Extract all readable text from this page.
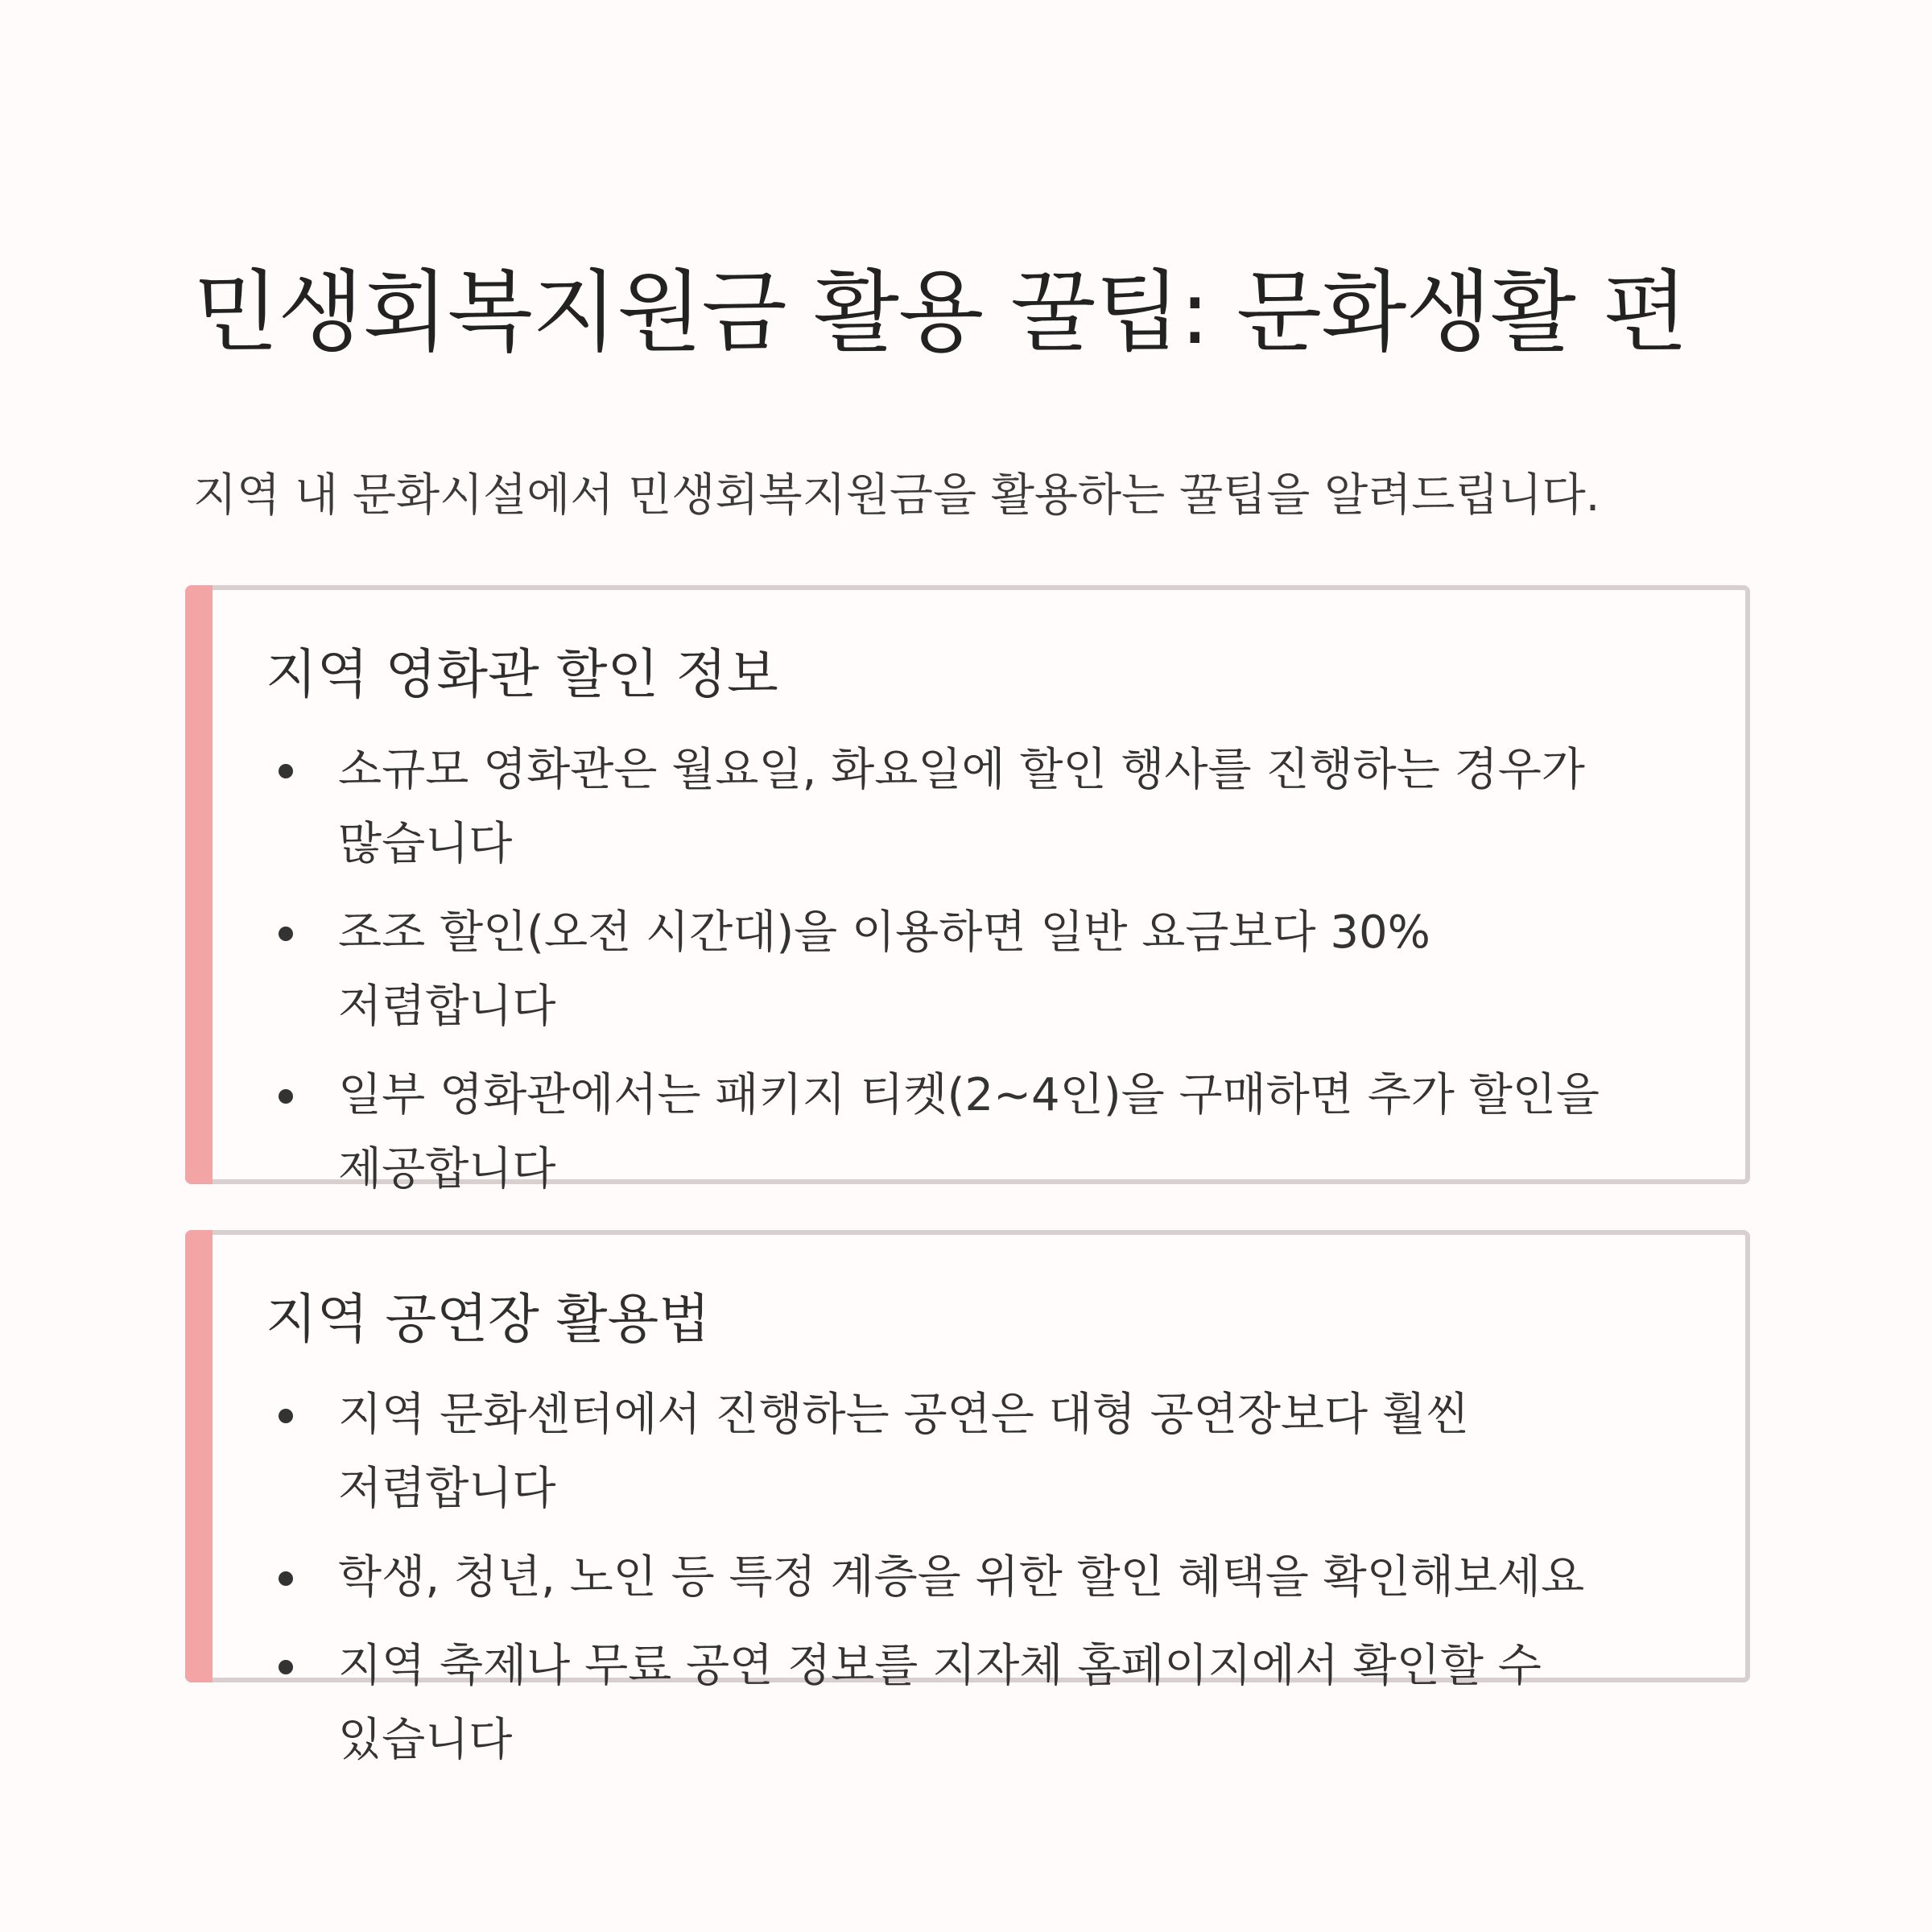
민생회복지원금 활용 꿀팁: 문화생활 편

지역 내 문화시설에서 민생회복지원금을 활용하는 꿀팁을 알려드립니다.

지역 영화관 할인 정보
소규모 영화관은 월요일, 화요일에 할인 행사를 진행하는 경우가 많습니다
조조 할인(오전 시간대)을 이용하면 일반 요금보다 30% 저렴합니다
일부 영화관에서는 패키지 티켓(2~4인)을 구매하면 추가 할인을 제공합니다
지역 공연장 활용법
지역 문화센터에서 진행하는 공연은 대형 공연장보다 훨씬 저렴합니다
학생, 청년, 노인 등 특정 계층을 위한 할인 혜택을 확인해보세요
지역 축제나 무료 공연 정보를 지자체 홈페이지에서 확인할 수 있습니다
